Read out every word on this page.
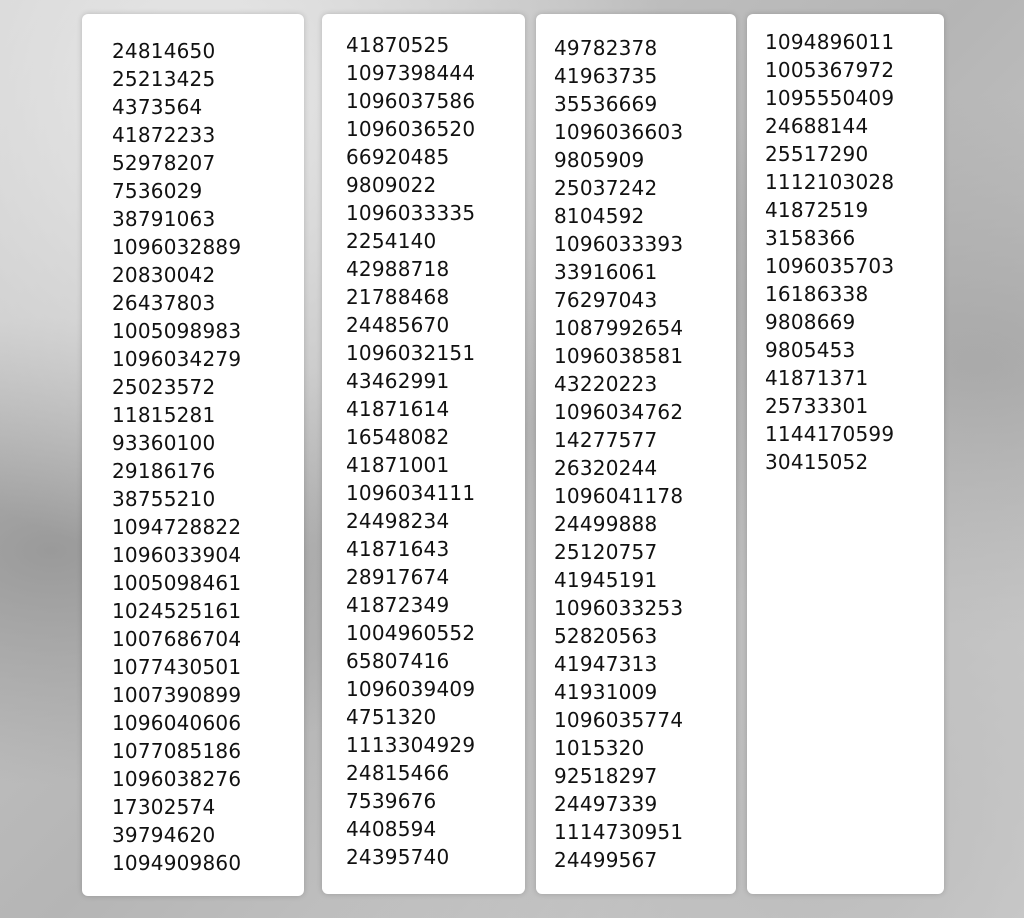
24814650
25213425
4373564
41872233
52978207
7536029
38791063
1096032889
20830042
26437803
1005098983
1096034279
25023572
11815281
93360100
29186176
38755210
1094728822
1096033904
1005098461
1024525161
1007686704
1077430501
1007390899
1096040606
1077085186
1096038276
17302574
39794620
1094909860
41870525
1097398444
1096037586
1096036520
66920485
9809022
1096033335
2254140
42988718
21788468
24485670
1096032151
43462991
41871614
16548082
41871001
1096034111
24498234
41871643
28917674
41872349
1004960552
65807416
1096039409
4751320
1113304929
24815466
7539676
4408594
24395740
49782378
41963735
35536669
1096036603
9805909
25037242
8104592
1096033393
33916061
76297043
1087992654
1096038581
43220223
1096034762
14277577
26320244
1096041178
24499888
25120757
41945191
1096033253
52820563
41947313
41931009
1096035774
1015320
92518297
24497339
1114730951
24499567
1094896011
1005367972
1095550409
24688144
25517290
1112103028
41872519
3158366
1096035703
16186338
9808669
9805453
41871371
25733301
1144170599
30415052
